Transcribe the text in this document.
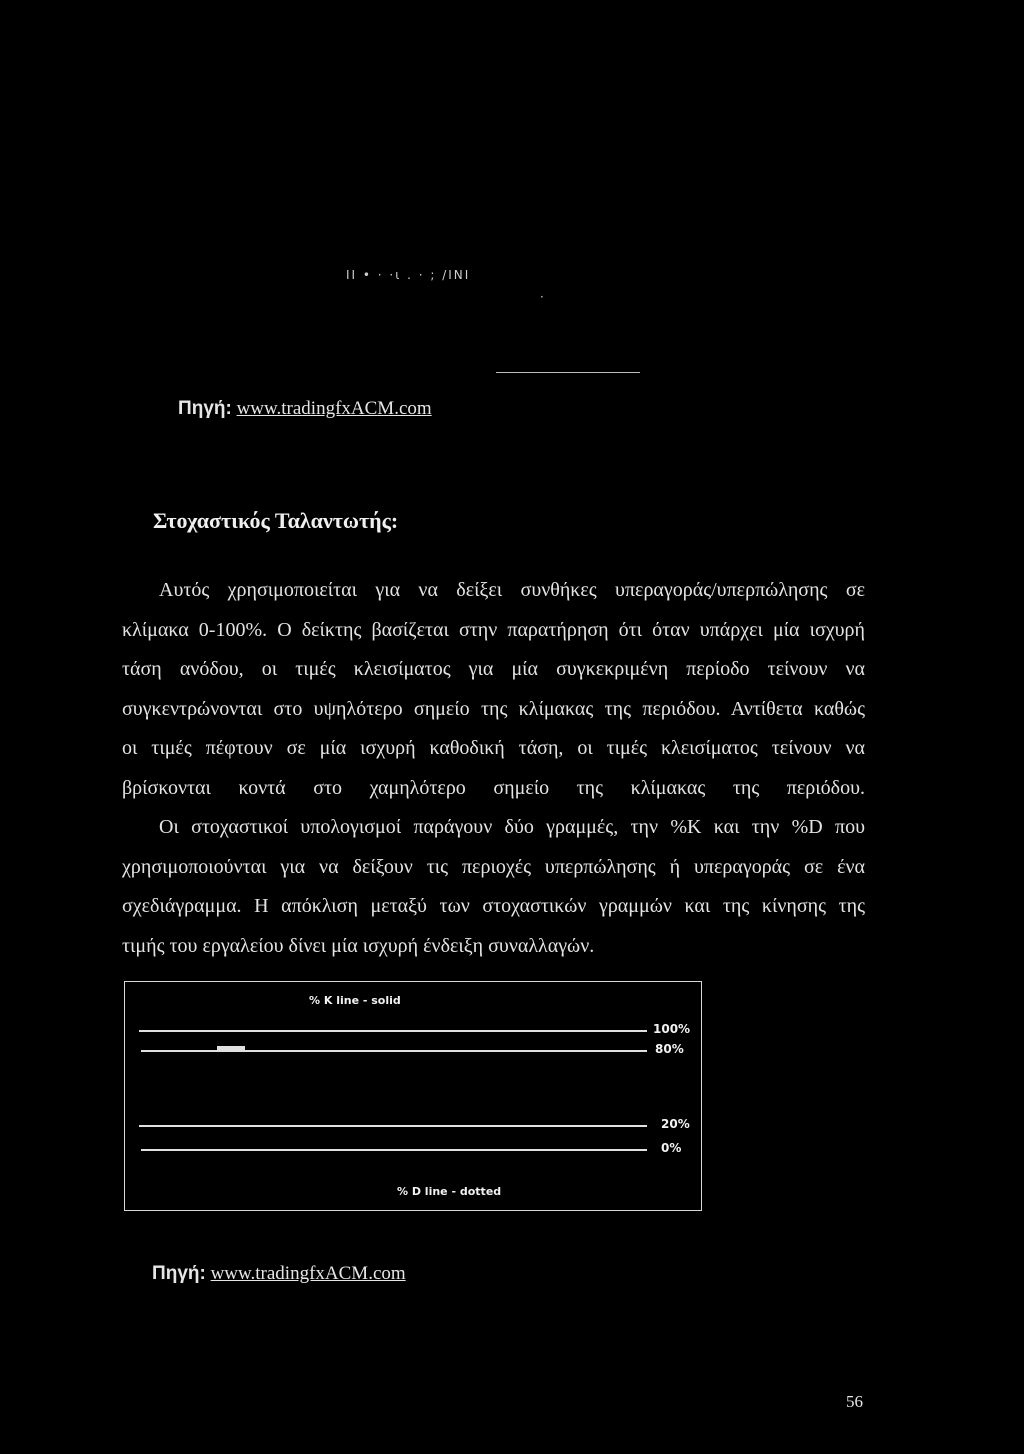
ΙΙ • · ·ι . · ; /ΙΝΙ
·
Πηγή: www.tradingfxACM.com
Στοχαστικός Ταλαντωτής:
Αυτός χρησιμοποιείται για να δείξει συνθήκες υπεραγοράς/υπερπώλησης σε
κλίμακα 0-100%. Ο δείκτης βασίζεται στην παρατήρηση ότι όταν υπάρχει μία ισχυρή
τάση ανόδου, οι τιμές κλεισίματος για μία συγκεκριμένη περίοδο τείνουν να
συγκεντρώνονται στο υψηλότερο σημείο της κλίμακας της περιόδου. Αντίθετα καθώς
οι τιμές πέφτουν σε μία ισχυρή καθοδική τάση, οι τιμές κλεισίματος τείνουν να
βρίσκονται κοντά στο χαμηλότερο σημείο της κλίμακας της περιόδου.
Οι στοχαστικοί υπολογισμοί παράγουν δύο γραμμές, την %K και την %D που
χρησιμοποιούνται για να δείξουν τις περιοχές υπερπώλησης ή υπεραγοράς σε ένα
σχεδιάγραμμα. Η απόκλιση μεταξύ των στοχαστικών γραμμών και της κίνησης της
τιμής του εργαλείου δίνει μία ισχυρή ένδειξη συναλλαγών.
% K line - solid
100%
80%
20%
0%
% D line - dotted
Πηγή: www.tradingfxACM.com
56
